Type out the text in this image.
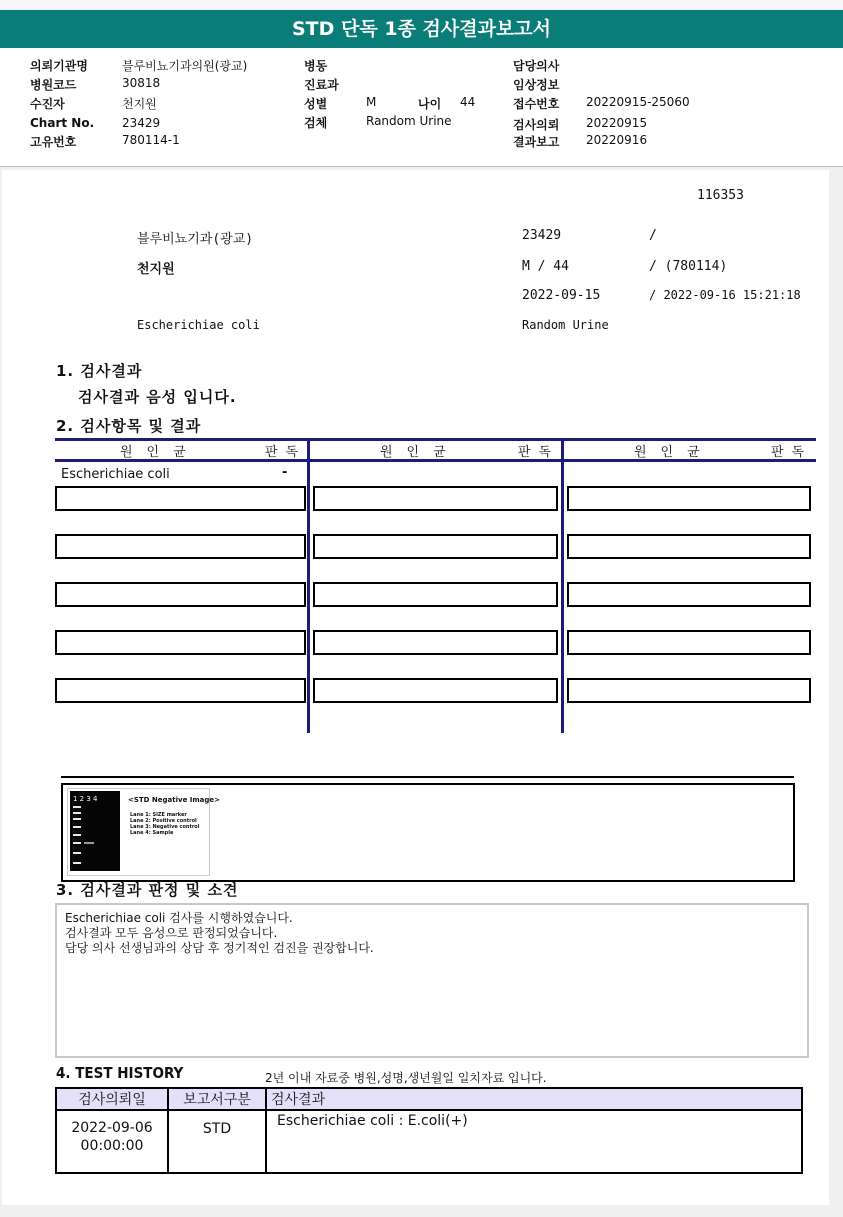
STD 단독 1종 검사결과보고서
의뢰기관명	블루비뇨기과의원(광교)
병원코드	30818
수진자	천지원
Chart No. 23429
고유번호	780114-1
병동
진료과
성별	M	나이 44
검체	Random Urine
담당의사
임상정보
접수번호 20220915-25060
검사의뢰 20220915
결과보고 20220916
116353
블루비뇨기과(광교)	23429	/
천지원	M / 44	/ (780114)
2022-09-15	/ 2022-09-16 15:21:18
Escherichiae coli	Random Urine
1. 검사결과
검사결과 음성 입니다.
2. 검사항목 및 결과
원인균	판독	원인균	판독	원인균	판독
Escherichiae coli	-
1 2 3 4	<STD Negative Image>
Lane 1: SIZE marker
Lane 2: Positive control
Lane 3: Negative control
Lane 4: Sample
3. 검사결과 판정 및 소견
Escherichiae coli 검사를 시행하였습니다.
검사결과 모두 음성으로 판정되었습니다.
담당 의사 선생님과의 상담 후 정기적인 검진을 권장합니다.
4. TEST HISTORY	2년 이내 자료중 병원,성명,생년월일 일치자료 입니다.
검사의뢰일	보고서구분	검사결과

2022-09-06
00:00:00	STD	Escherichiae coli : E.coli(+)
